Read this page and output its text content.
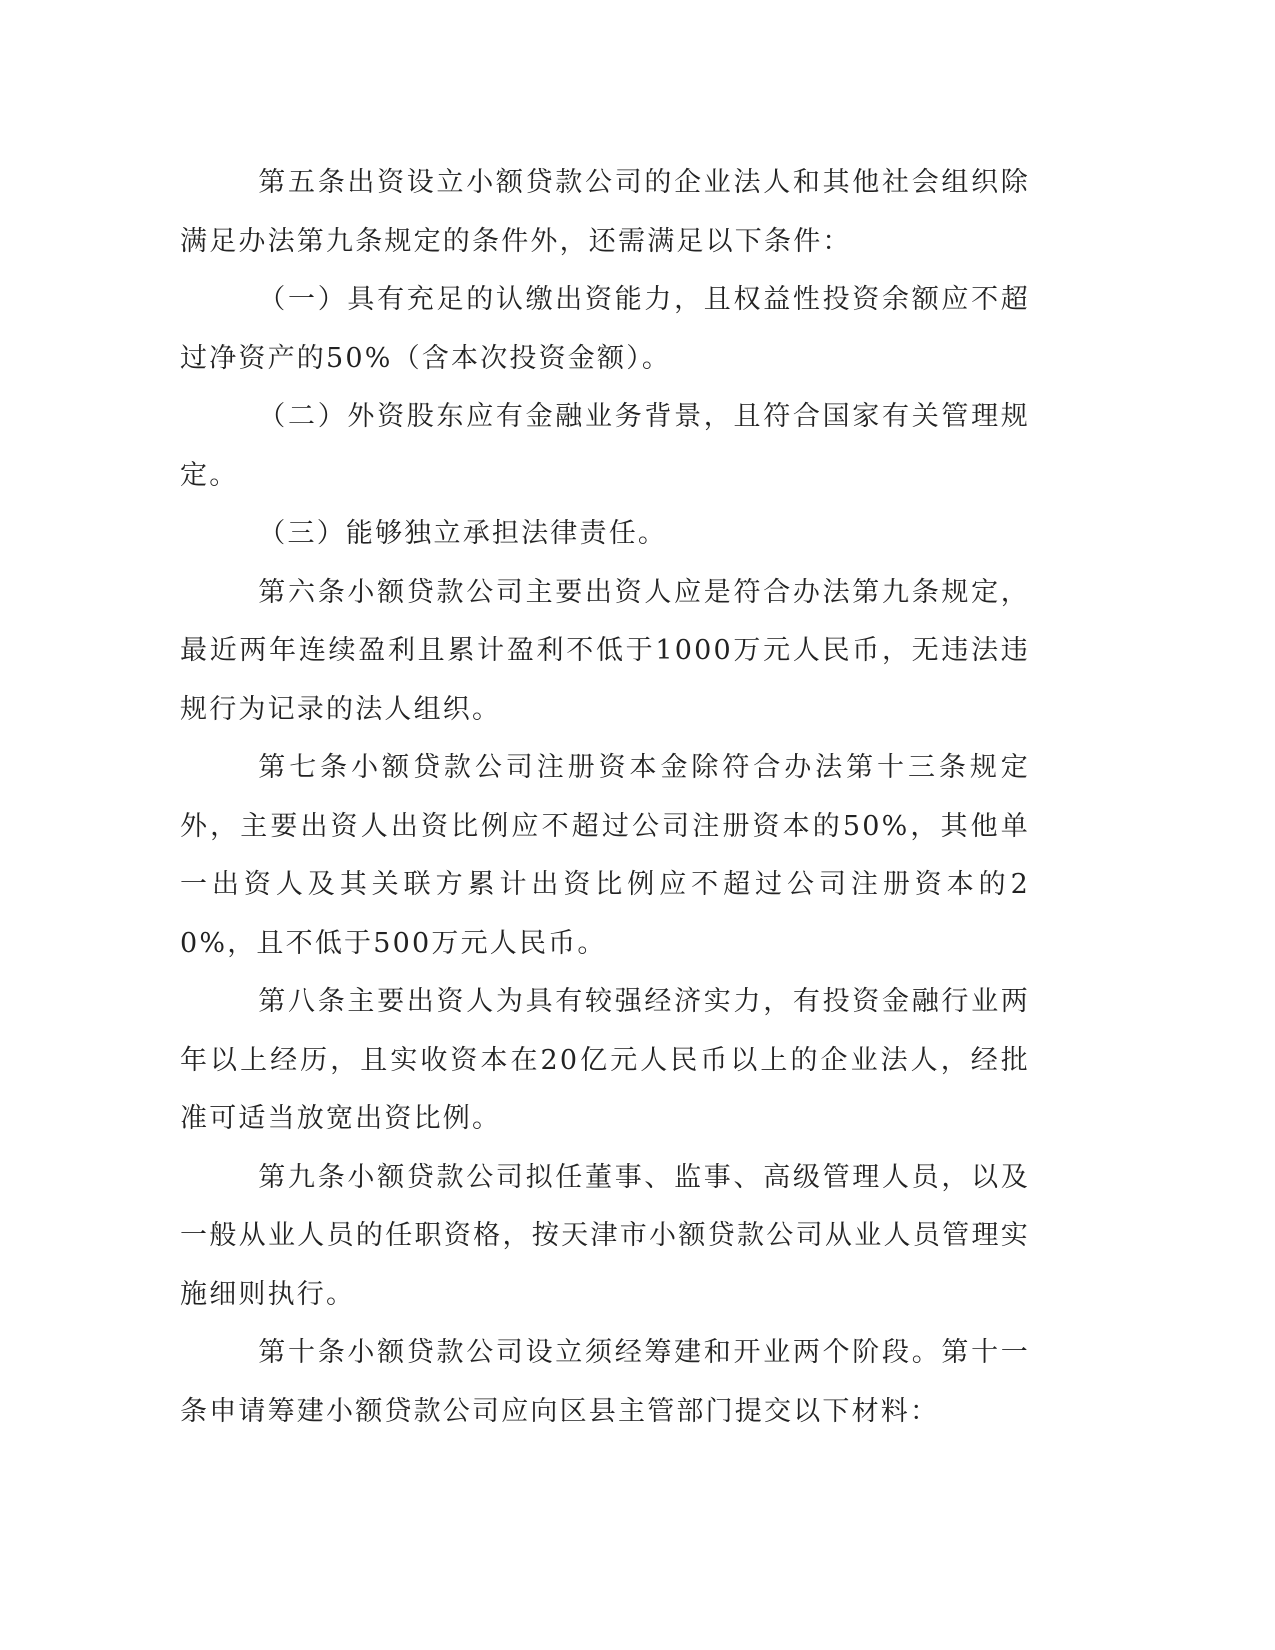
第五条出资设立小额贷款公司的企业法人和其他社会组织除满足办法第九条规定的条件外，还需满足以下条件：

（一）具有充足的认缴出资能力，且权益性投资余额应不超过净资产的50%（含本次投资金额）。

（二）外资股东应有金融业务背景，且符合国家有关管理规定。

（三）能够独立承担法律责任。

第六条小额贷款公司主要出资人应是符合办法第九条规定，最近两年连续盈利且累计盈利不低于1000万元人民币，无违法违规行为记录的法人组织。

第七条小额贷款公司注册资本金除符合办法第十三条规定外，主要出资人出资比例应不超过公司注册资本的50%，其他单一出资人及其关联方累计出资比例应不超过公司注册资本的20%，且不低于500万元人民币。

第八条主要出资人为具有较强经济实力，有投资金融行业两年以上经历，且实收资本在20亿元人民币以上的企业法人，经批准可适当放宽出资比例。

第九条小额贷款公司拟任董事、监事、高级管理人员，以及一般从业人员的任职资格，按天津市小额贷款公司从业人员管理实施细则执行。

第十条小额贷款公司设立须经筹建和开业两个阶段。第十一条申请筹建小额贷款公司应向区县主管部门提交以下材料：
